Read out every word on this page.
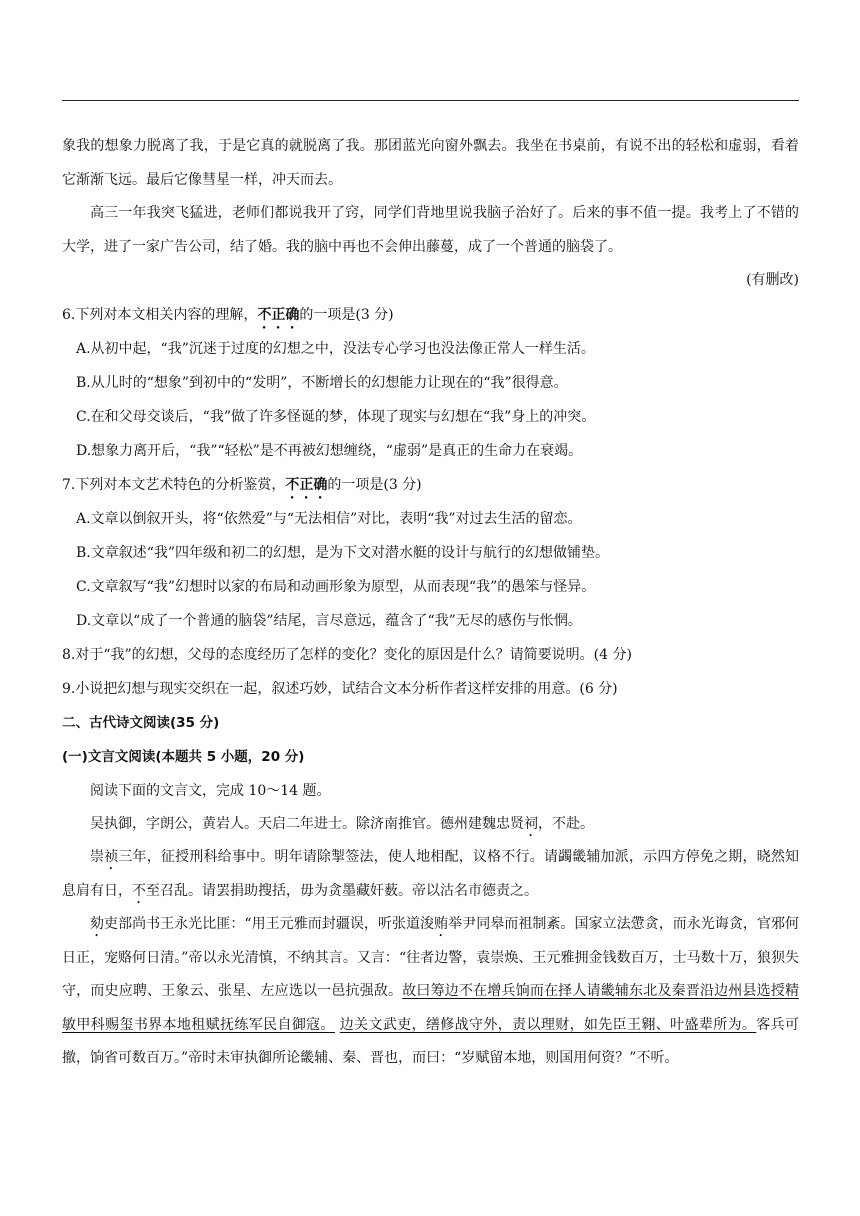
象我的想象力脱离了我，于是它真的就脱离了我。那团蓝光向窗外飘去。我坐在书桌前，有说不出的轻松和虚弱，看着它渐渐飞远。最后它像彗星一样，冲天而去。

高三一年我突飞猛进，老师们都说我开了窍，同学们背地里说我脑子治好了。后来的事不值一提。我考上了不错的大学，进了一家广告公司，结了婚。我的脑中再也不会伸出藤蔓，成了一个普通的脑袋了。

(有删改)

6.下列对本文相关内容的理解，不正确的一项是(3 分)

A.从初中起，“我”沉迷于过度的幻想之中，没法专心学习也没法像正常人一样生活。

B.从儿时的“想象”到初中的“发明”，不断增长的幻想能力让现在的“我”很得意。

C.在和父母交谈后，“我”做了许多怪诞的梦，体现了现实与幻想在“我”身上的冲突。

D.想象力离开后，“我”“轻松”是不再被幻想缠绕，“虚弱”是真正的生命力在衰竭。

7.下列对本文艺术特色的分析鉴赏，不正确的一项是(3 分)

A.文章以倒叙开头，将“依然爱”与“无法相信”对比，表明“我”对过去生活的留恋。

B.文章叙述“我”四年级和初二的幻想，是为下文对潜水艇的设计与航行的幻想做铺垫。

C.文章叙写“我”幻想时以家的布局和动画形象为原型，从而表现“我”的愚笨与怪异。

D.文章以“成了一个普通的脑袋”结尾，言尽意远，蕴含了“我”无尽的感伤与怅惘。

8.对于“我”的幻想，父母的态度经历了怎样的变化？变化的原因是什么？请简要说明。(4 分)

9.小说把幻想与现实交织在一起，叙述巧妙，试结合文本分析作者这样安排的用意。(6 分)

二、古代诗文阅读(35 分)

(一)文言文阅读(本题共 5 小题，20 分)

阅读下面的文言文，完成 10～14 题。

吴执御，字朗公，黄岩人。天启二年进士。除济南推官。德州建魏忠贤祠，不赴。

崇祯三年，征授刑科给事中。明年请除掣签法，使人地相配，议格不行。请蠲畿辅加派，示四方停免之期，晓然知息肩有日，不至召乱。请罢捐助搜括，毋为贪墨藏奸薮。帝以沽名市德责之。

劾吏部尚书王永光比匪：“用王元雅而封疆误，听张道浚贿举尹同皋而祖制紊。国家立法慸贪，而永光诲贪，官邪何日正，宠赂何日清。”帝以永光清慎，不纳其言。又言：“往者边警，袁崇焕、王元雅拥金钱数百万，士马数十万，狼狈失守，而史应聘、王象云、张星、左应选以一邑抗强敌。故曰筹边不在增兵饷而在择人请畿辅东北及秦晋沿边州县选授精敏甲科赐玺书界本地租赋抚练军民自御寇。 边关文武吏，缮修战守外，责以理财，如先臣王翱、叶盛辈所为。客兵可撤，饷省可数百万。”帝时未审执御所论畿辅、秦、晋也，而曰：“岁赋留本地，则国用何资？”不听。
